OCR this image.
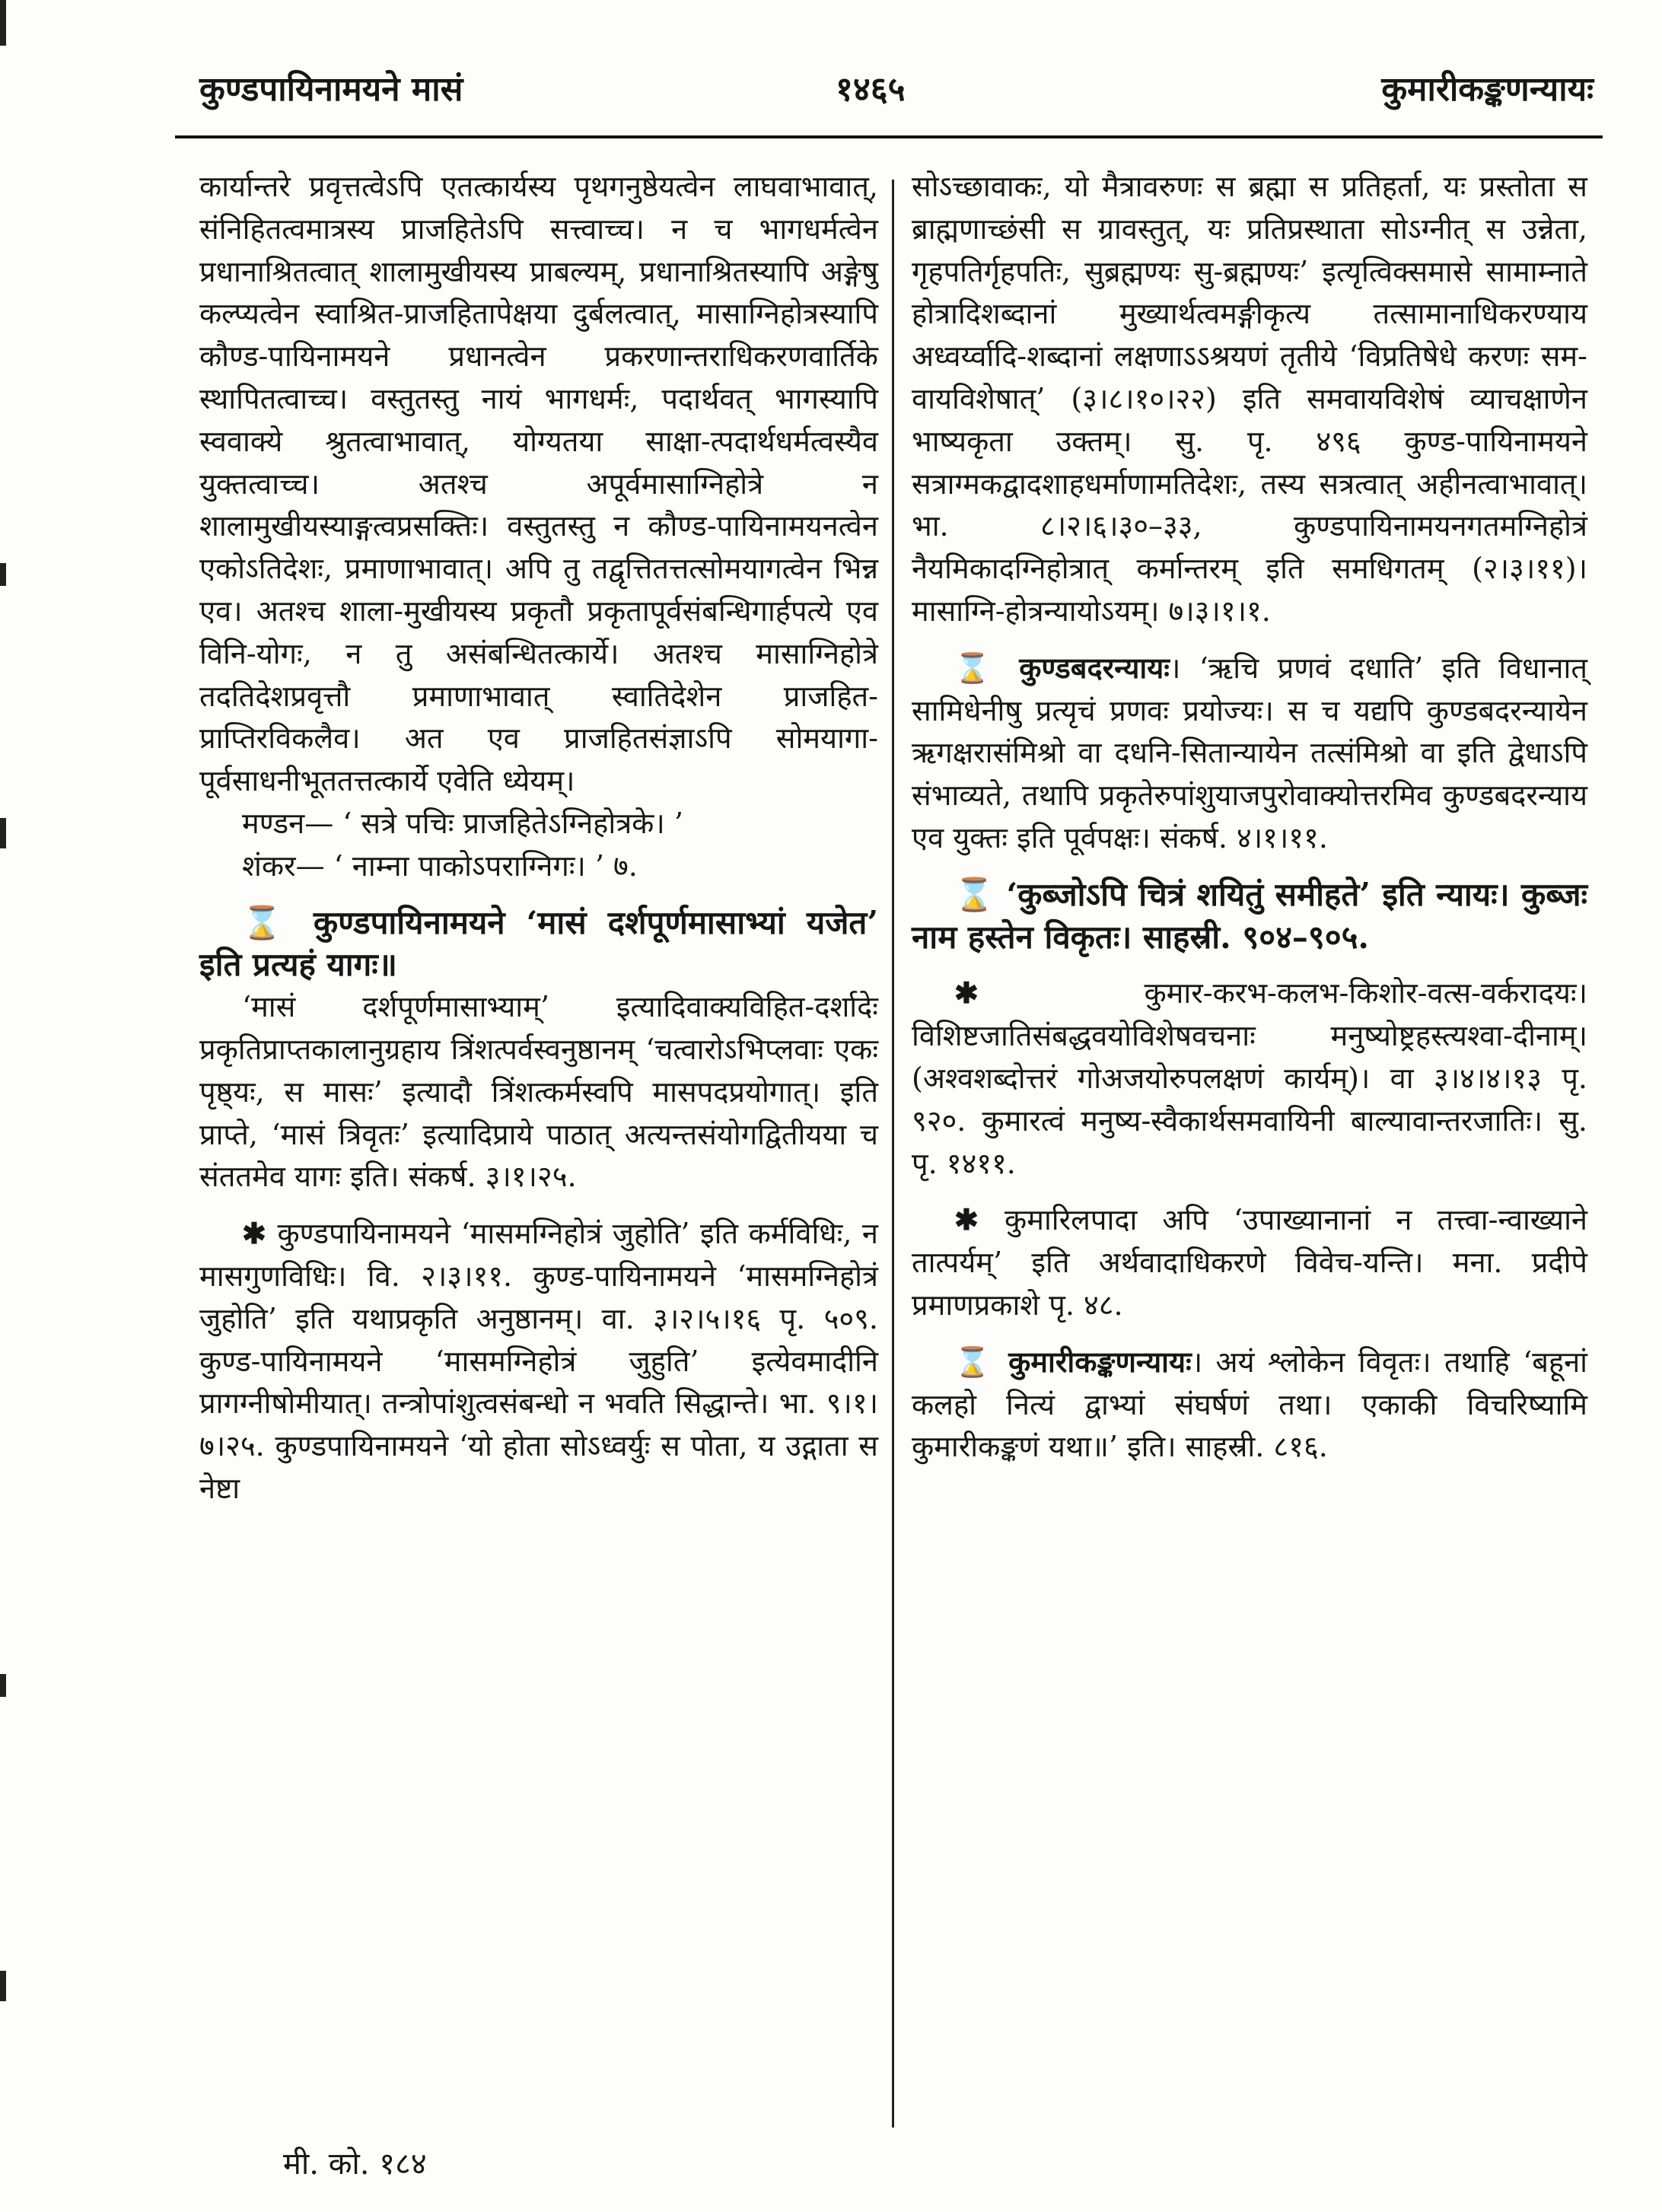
कुण्डपायिनामयने मासं	१४६५	कुमारीकङ्कणन्यायः

कार्यान्तरे प्रवृत्तत्वेऽपि एतत्कार्यस्य पृथगनुष्ठेयत्वेन लाघवाभावात्, संनिहितत्वमात्रस्य प्राजहितेऽपि सत्त्वाच्च। न च भागधर्मत्वेन प्रधानाश्रितत्वात् शालामुखीयस्य प्राबल्यम्, प्रधानाश्रितस्यापि अङ्गेषु कल्प्यत्वेन स्वाश्रित-प्राजहितापेक्षया दुर्बलत्वात्, मासाग्निहोत्रस्यापि कौण्ड-पायिनामयने प्रधानत्वेन प्रकरणान्तराधिकरणवार्तिके स्थापितत्वाच्च। वस्तुतस्तु नायं भागधर्मः, पदार्थवत् भागस्यापि स्ववाक्ये श्रुतत्वाभावात्, योग्यतया साक्षा-त्पदार्थधर्मत्वस्यैव युक्तत्वाच्च। अतश्च अपूर्वमासाग्निहोत्रे न शालामुखीयस्याङ्गत्वप्रसक्तिः। वस्तुतस्तु न कौण्ड-पायिनामयनत्वेन एकोऽतिदेशः, प्रमाणाभावात्। अपि तु तद्वृत्तितत्तत्सोमयागत्वेन भिन्न एव। अतश्च शाला-मुखीयस्य प्रकृतौ प्रकृतापूर्वसंबन्धिगार्हपत्ये एव विनि-योगः, न तु असंबन्धितत्कार्ये। अतश्च मासाग्निहोत्रे तदतिदेशप्रवृत्तौ प्रमाणाभावात् स्वातिदेशेन प्राजहित-प्राप्तिरविकलैव। अत एव प्राजहितसंज्ञाऽपि सोमयागा-पूर्वसाधनीभूततत्तत्कार्ये एवेति ध्येयम्।

मण्डन— ‘ सत्रे पचिः प्राजहितेऽग्निहोत्रके। ’

शंकर— ‘ नाम्ना पाकोऽपराग्निगः। ’ ७.

⌛ कुण्डपायिनामयने ‘मासं दर्शपूर्णमासाभ्यां यजेत’ इति प्रत्यहं यागः॥

‘मासं दर्शपूर्णमासाभ्याम्’ इत्यादिवाक्यविहित-दर्शादेः प्रकृतिप्राप्तकालानुग्रहाय त्रिंशत्पर्वस्वनुष्ठानम् ‘चत्वारोऽभिप्लवाः एकः पृष्ठ्यः, स मासः’ इत्यादौ त्रिंशत्कर्मस्वपि मासपदप्रयोगात्। इति प्राप्ते, ‘मासं त्रिवृतः’ इत्यादिप्राये पाठात् अत्यन्तसंयोगद्वितीयया च संततमेव यागः इति। संकर्ष. ३।१।२५.

✱ कुण्डपायिनामयने ‘मासमग्निहोत्रं जुहोति’ इति कर्मविधिः, न मासगुणविधिः। वि. २।३।११. कुण्ड-पायिनामयने ‘मासमग्निहोत्रं जुहोति’ इति यथाप्रकृति अनुष्ठानम्। वा. ३।२।५।१६ पृ. ५०९. कुण्ड-पायिनामयने ‘मासमग्निहोत्रं जुहुति’ इत्येवमादीनि प्रागग्नीषोमीयात्। तन्त्रोपांशुत्वसंबन्धो न भवति सिद्धान्ते। भा. ९।१।७।२५. कुण्डपायिनामयने ‘यो होता सोऽध्वर्युः स पोता, य उद्गाता स नेष्टा

सोऽच्छावाकः, यो मैत्रावरुणः स ब्रह्मा स प्रतिहर्ता, यः प्रस्तोता स ब्राह्मणाच्छंसी स ग्रावस्तुत्, यः प्रतिप्रस्थाता सोऽग्नीत् स उन्नेता, गृहपतिर्गृहपतिः, सुब्रह्मण्यः सु-ब्रह्मण्यः’ इत्यृत्विक्समासे सामाम्नाते होत्रादिशब्दानां मुख्यार्थत्वमङ्गीकृत्य तत्सामानाधिकरण्याय अध्वर्य्वादि-शब्दानां लक्षणाऽऽश्रयणं तृतीये ‘विप्रतिषेधे करणः सम-वायविशेषात्’ (३।८।१०।२२) इति समवायविशेषं व्याचक्षाणेन भाष्यकृता उक्तम्। सु. पृ. ४९६ कुण्ड-पायिनामयने सत्राग्मकद्वादशाहधर्माणामतिदेशः, तस्य सत्रत्वात् अहीनत्वाभावात्। भा. ८।२।६।३०–३३, कुण्डपायिनामयनगतमग्निहोत्रं नैयमिकादग्निहोत्रात् कर्मान्तरम् इति समधिगतम् (२।३।११)। मासाग्नि-होत्रन्यायोऽयम्। ७।३।१।१.

⌛ कुण्डबदरन्यायः। ‘ऋचि प्रणवं दधाति’ इति विधानात् सामिधेनीषु प्रत्यृचं प्रणवः प्रयोज्यः। स च यद्यपि कुण्डबदरन्यायेन ऋगक्षरासंमिश्रो वा दधनि-सितान्यायेन तत्संमिश्रो वा इति द्वेधाऽपि संभाव्यते, तथापि प्रकृतेरुपांशुयाजपुरोवाक्योत्तरमिव कुण्डबदरन्याय एव युक्तः इति पूर्वपक्षः। संकर्ष. ४।१।११.

⌛ ‘कुब्जोऽपि चित्रं शयितुं समीहते’ इति न्यायः। कुब्जः नाम हस्तेन विकृतः। साहस्री. ९०४–९०५.

✱ कुमार-करभ-कलभ-किशोर-वत्स-वर्करादयः। विशिष्टजातिसंबद्धवयोविशेषवचनाः मनुष्योष्ट्रहस्त्यश्वा-दीनाम्। (अश्वशब्दोत्तरं गोअजयोरुपलक्षणं कार्यम्)। वा ३।४।४।१३ पृ. ९२०. कुमारत्वं मनुष्य-स्वैकार्थसमवायिनी बाल्यावान्तरजातिः। सु. पृ. १४११.

✱ कुमारिलपादा अपि ‘उपाख्यानानां न तत्त्वा-न्वाख्याने तात्पर्यम्’ इति अर्थवादाधिकरणे विवेच-यन्ति। मना. प्रदीपे प्रमाणप्रकाशे पृ. ४८.

⌛ कुमारीकङ्कणन्यायः। अयं श्लोकेन विवृतः। तथाहि ‘बहूनां कलहो नित्यं द्वाभ्यां संघर्षणं तथा। एकाकी विचरिष्यामि कुमारीकङ्कणं यथा॥’ इति। साहस्री. ८१६.

मी. को. १८४
